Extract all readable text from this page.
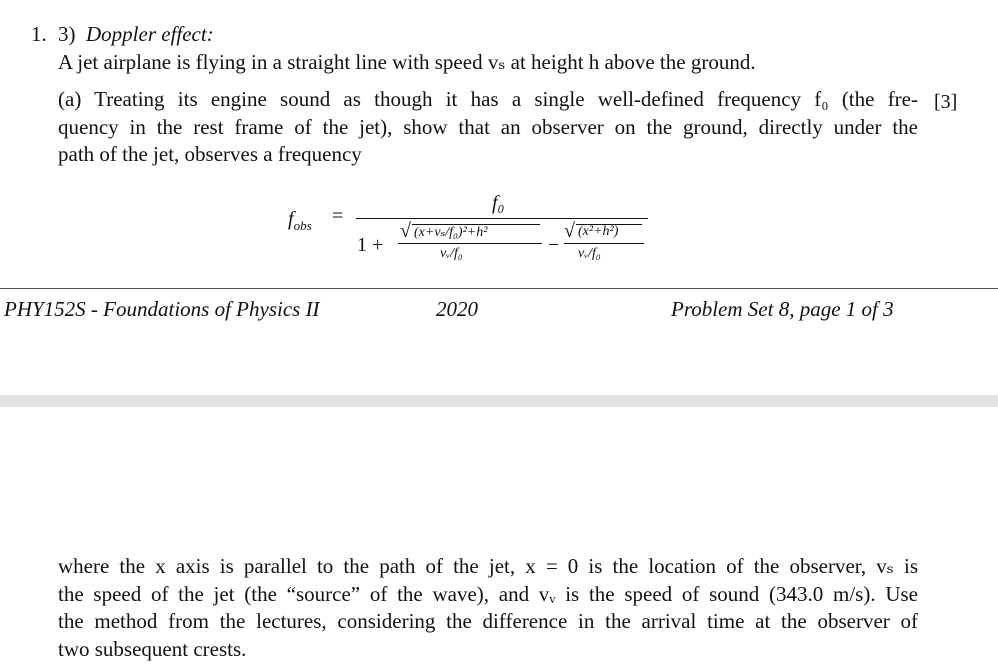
1. 3) Doppler effect:
A jet airplane is flying in a straight line with speed vₛ at height h above the ground.
[3]
(a) Treating its engine sound as though it has a single well-defined frequency f₀ (the fre-
quency in the rest frame of the jet), show that an observer on the ground, directly under the
path of the jet, observes a frequency
$f_{obs}$ =
f₀
1 +
√ (x+vₛ/f₀)²+h²
vᵥ/f₀	−
√ (x²+h²)
vᵥ/f₀
PHY152S - Foundations of Physics II	2020	Problem Set 8, page 1 of 3
where the x axis is parallel to the path of the jet, x = 0 is the location of the observer, vₛ is
the speed of the jet (the “source” of the wave), and vᵥ is the speed of sound (343.0 m/s). Use
the method from the lectures, considering the difference in the arrival time at the observer of
two subsequent crests.
